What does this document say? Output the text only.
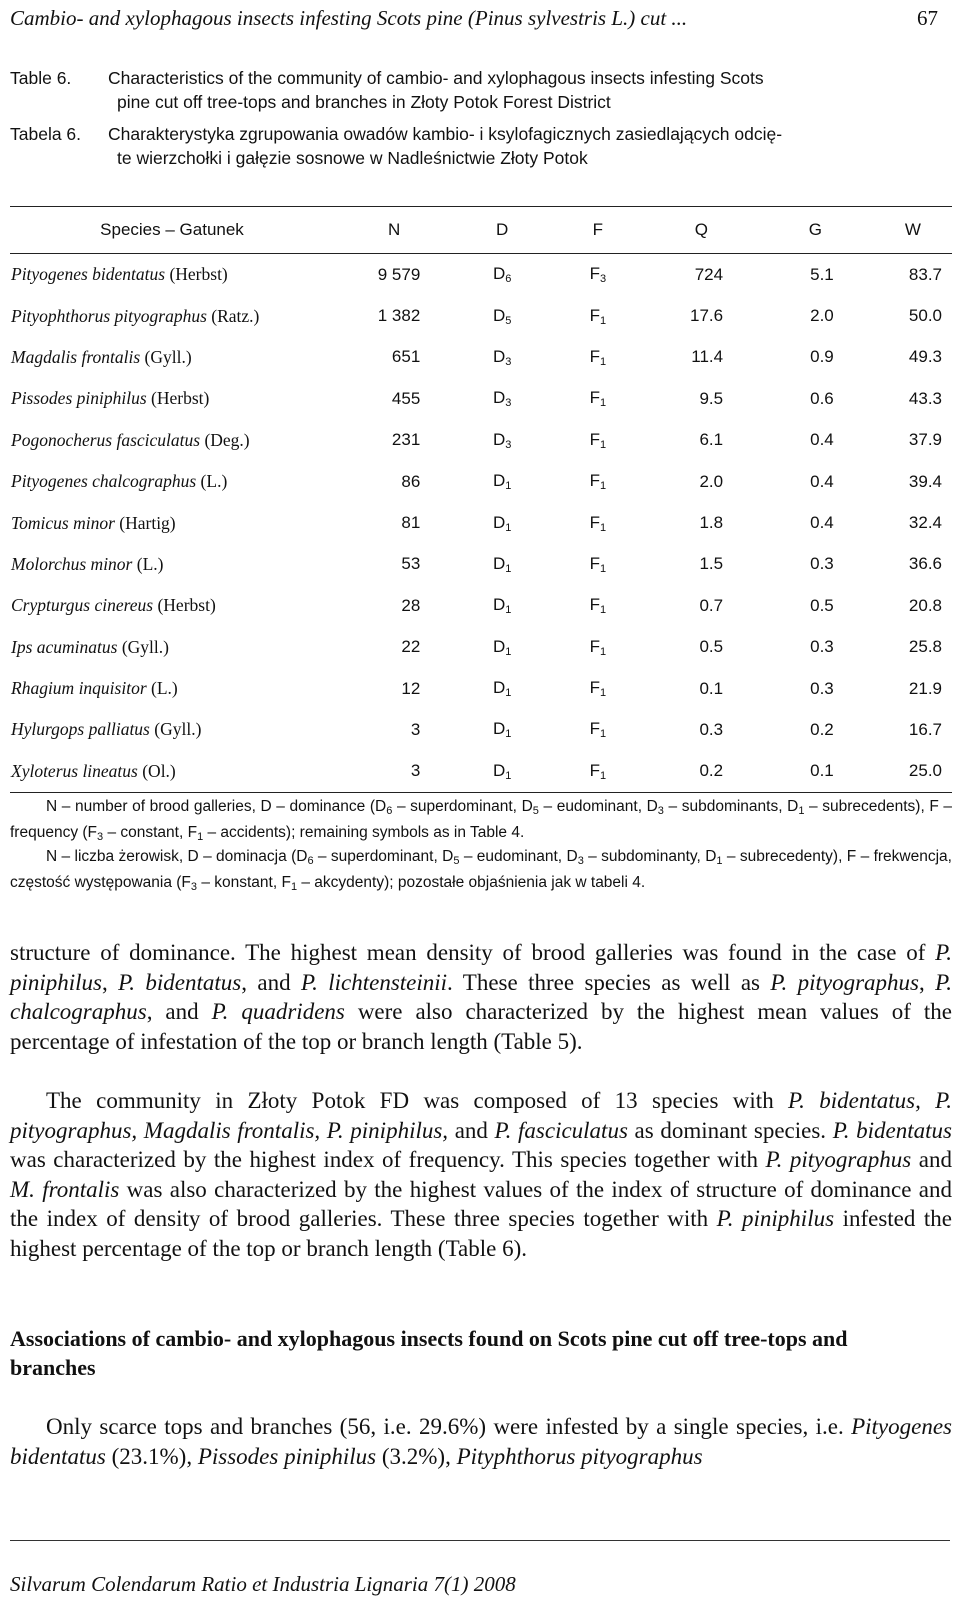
Cambio- and xylophagous insects infesting Scots pine (Pinus sylvestris L.) cut ...	67
Table 6. Characteristics of the community of cambio- and xylophagous insects infesting Scots
pine cut off tree-tops and branches in Złoty Potok Forest District
Tabela 6. Charakterystyka zgrupowania owadów kambio- i ksylofagicznych zasiedlających odcię-
te wierzchołki i gałęzie sosnowe w Nadleśnictwie Złoty Potok
Species – Gatunek	N	D	F	Q	G	W
Pityogenes bidentatus (Herbst)	9 579	$D_6$	$F_3$	724	5.1	83.7
Pityophthorus pityographus (Ratz.)	1 382	$D_5$	$F_1$	17.6	2.0	50.0
Magdalis frontalis (Gyll.)	651	$D_3$	$F_1$	11.4	0.9	49.3
Pissodes piniphilus (Herbst)	455	$D_3$	$F_1$	9.5	0.6	43.3
Pogonocherus fasciculatus (Deg.)	231	$D_3$	$F_1$	6.1	0.4	37.9
Pityogenes chalcographus (L.)	86	$D_1$	$F_1$	2.0	0.4	39.4
Tomicus minor (Hartig)	81	$D_1$	$F_1$	1.8	0.4	32.4
Molorchus minor (L.)	53	$D_1$	$F_1$	1.5	0.3	36.6
Crypturgus cinereus (Herbst)	28	$D_1$	$F_1$	0.7	0.5	20.8
Ips acuminatus (Gyll.)	22	$D_1$	$F_1$	0.5	0.3	25.8
Rhagium inquisitor (L.)	12	$D_1$	$F_1$	0.1	0.3	21.9
Hylurgops palliatus (Gyll.)	3	$D_1$	$F_1$	0.3	0.2	16.7
Xyloterus lineatus (Ol.)	3	$D_1$	$F_1$	0.2	0.1	25.0
N – number of brood galleries, D – dominance ($D_6$ – superdominant, $D_5$ – eudominant, $D_3$ – subdominants, $D_1$ – subrecedents), F – frequency ($F_3$ – constant, $F_1$ – accidents); remaining symbols as in Table 4.
N – liczba żerowisk, D – dominacja ($D_6$ – superdominant, $D_5$ – eudominant, $D_3$ – subdominanty, $D_1$ – subrecedenty), F – frekwencja, częstość występowania ($F_3$ – konstant, $F_1$ – akcydenty); pozostałe objaśnienia jak w tabeli 4.
structure of dominance. The highest mean density of brood galleries was found in the case of P. piniphilus, P. bidentatus, and P. lichtensteinii. These three species as well as P. pityographus, P. chalcographus, and P. quadridens were also characterized by the highest mean values of the percentage of infestation of the top or branch length (Table 5).
The community in Złoty Potok FD was composed of 13 species with P. bidentatus, P. pityographus, Magdalis frontalis, P. piniphilus, and P. fasciculatus as dominant species. P. bidentatus was characterized by the highest index of frequency. This species together with P. pityographus and M. frontalis was also characterized by the highest values of the index of structure of dominance and the index of density of brood galleries. These three species together with P. piniphilus infested the highest percentage of the top or branch length (Table 6).
Associations of cambio- and xylophagous insects found on Scots pine cut off tree-tops and branches
Only scarce tops and branches (56, i.e. 29.6%) were infested by a single species, i.e. Pityogenes bidentatus (23.1%), Pissodes piniphilus (3.2%), Pityphthorus pityographus
Silvarum Colendarum Ratio et Industria Lignaria 7(1) 2008
